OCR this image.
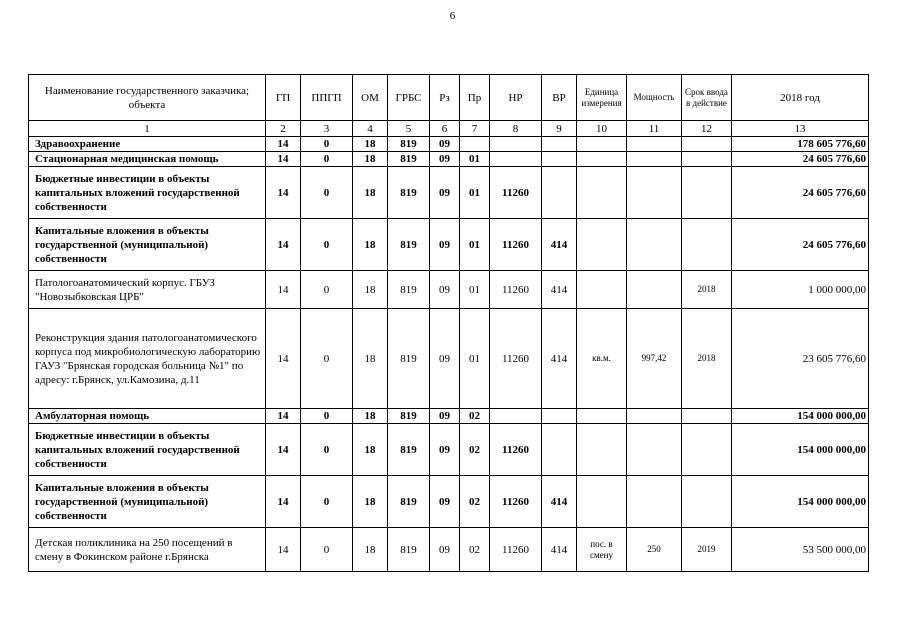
6
Наименование государственного заказчика; объекта	ГП	ППГП	ОМ	ГРБС	Рз	Пр	НР	ВР	Единица измерения	Мощность	Срок ввода в действие	2018 год
1	2	3	4	5	6	7	8	9	10	11	12	13
Здравоохранение	14	0	18	819	09							178 605 776,60
Стационарная медицинская помощь	14	0	18	819	09	01						24 605 776,60
Бюджетные инвестиции в объекты капитальных вложений государственной собственности	14	0	18	819	09	01	11260					24 605 776,60
Капитальные вложения в объекты государственной (муниципальной) собственности	14	0	18	819	09	01	11260	414				24 605 776,60
Патологоанатомический корпус. ГБУЗ "Новозыбковская ЦРБ"	14	0	18	819	09	01	11260	414			2018	1 000 000,00
Реконструкция здания патологоанатомического корпуса под микробиологическую лабораторию ГАУЗ "Брянская городская больница №1" по адресу: г.Брянск, ул.Камозина, д.11	14	0	18	819	09	01	11260	414	кв.м.	997,42	2018	23 605 776,60
Амбулаторная помощь	14	0	18	819	09	02						154 000 000,00
Бюджетные инвестиции в объекты капитальных вложений государственной собственности	14	0	18	819	09	02	11260					154 000 000,00
Капитальные вложения в объекты государственной (муниципальной) собственности	14	0	18	819	09	02	11260	414				154 000 000,00
Детская поликлиника на 250 посещений в смену в Фокинском районе г.Брянска	14	0	18	819	09	02	11260	414	пос. в смену	250	2019	53 500 000,00
